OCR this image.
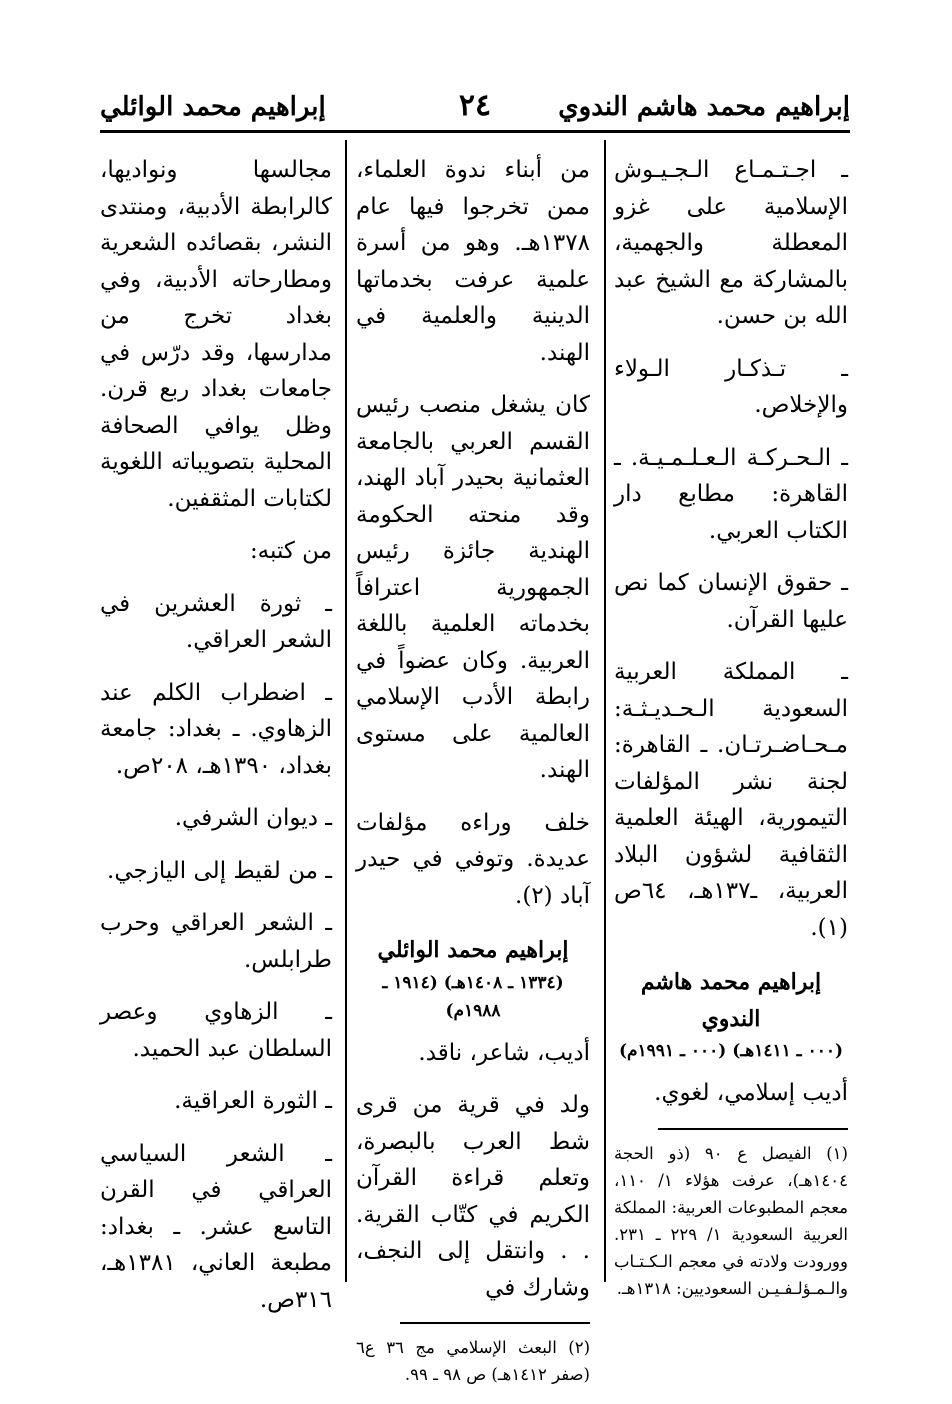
إبراهيم محمد هاشم الندوي
٢٤
إبراهيم محمد الوائلي

ـ اجـتـمـاع الـجـيـوش الإسلامية على غزو المعطلة والجهمية، بالمشاركة مع الشيخ عبد الله بن حسن.

ـ تـذكـار الـولاء والإخلاص.

ـ الـحـركـة الـعـلـمـيـة. ـ القاهرة: مطابع دار الكتاب العربي.

ـ حقوق الإنسان كما نص عليها القرآن.

ـ المملكة العربية السعودية الـحـديـثـة: مـحـاضـرتـان. ـ القاهرة: لجنة نشر المؤلفات التيمورية، الهيئة العلمية الثقافية لشؤون البلاد العربية، ـ١٣٧هـ، ٦٤ص (١).

إبراهيم محمد هاشم الندوي

(٠٠٠ ـ ١٤١١هـ) (٠٠٠ ـ ١٩٩١م)

أديب إسلامي، لغوي.

(١) الفيصل ع ٩٠ (ذو الحجة ١٤٠٤هـ)، عرفت هؤلاء ١/ ١١٠، معجم المطبوعات العربية: المملكة العربية السعودية ١/ ٢٢٩ ـ ٢٣١. وورودت ولادته في معجم الـكـتـاب والـمـؤلـفـيـن السعوديين: ١٣١٨هـ.

من أبناء ندوة العلماء، ممن تخرجوا فيها عام ١٣٧٨هـ. وهو من أسرة علمية عرفت بخدماتها الدينية والعلمية في الهند.

كان يشغل منصب رئيس القسم العربي بالجامعة العثمانية بحيدر آباد الهند، وقد منحته الحكومة الهندية جائزة رئيس الجمهورية اعترافاً بخدماته العلمية باللغة العربية. وكان عضواً في رابطة الأدب الإسلامي العالمية على مستوى الهند.

خلف وراءه مؤلفات عديدة. وتوفي في حيدر آباد (٢).

إبراهيم محمد الوائلي

(١٣٣٤ ـ ١٤٠٨هـ) (١٩١٤ ـ ١٩٨٨م)

أديب، شاعر، ناقد.

ولد في قرية من قرى شط العرب بالبصرة، وتعلم قراءة القرآن الكريم في كتّاب القرية. . . وانتقل إلى النجف، وشارك في

(٢) البعث الإسلامي مج ٣٦ ع٦ (صفر ١٤١٢هـ) ص ٩٨ ـ ٩٩.

مجالسها ونواديها، كالرابطة الأدبية، ومنتدى النشر، بقصائده الشعرية ومطارحاته الأدبية، وفي بغداد تخرج من مدارسها، وقد درّس في جامعات بغداد ربع قرن. وظل يوافي الصحافة المحلية بتصويباته اللغوية لكتابات المثقفين.

من كتبه:

ـ ثورة العشرين في الشعر العراقي.

ـ اضطراب الكلم عند الزهاوي. ـ بغداد: جامعة بغداد، ١٣٩٠هـ، ٢٠٨ص.

ـ ديوان الشرفي.

ـ من لقيط إلى اليازجي.

ـ الشعر العراقي وحرب طرابلس.

ـ الزهاوي وعصر السلطان عبد الحميد.

ـ الثورة العراقية.

ـ الشعر السياسي العراقي في القرن التاسع عشر. ـ بغداد: مطبعة العاني، ١٣٨١هـ، ٣١٦ص.
